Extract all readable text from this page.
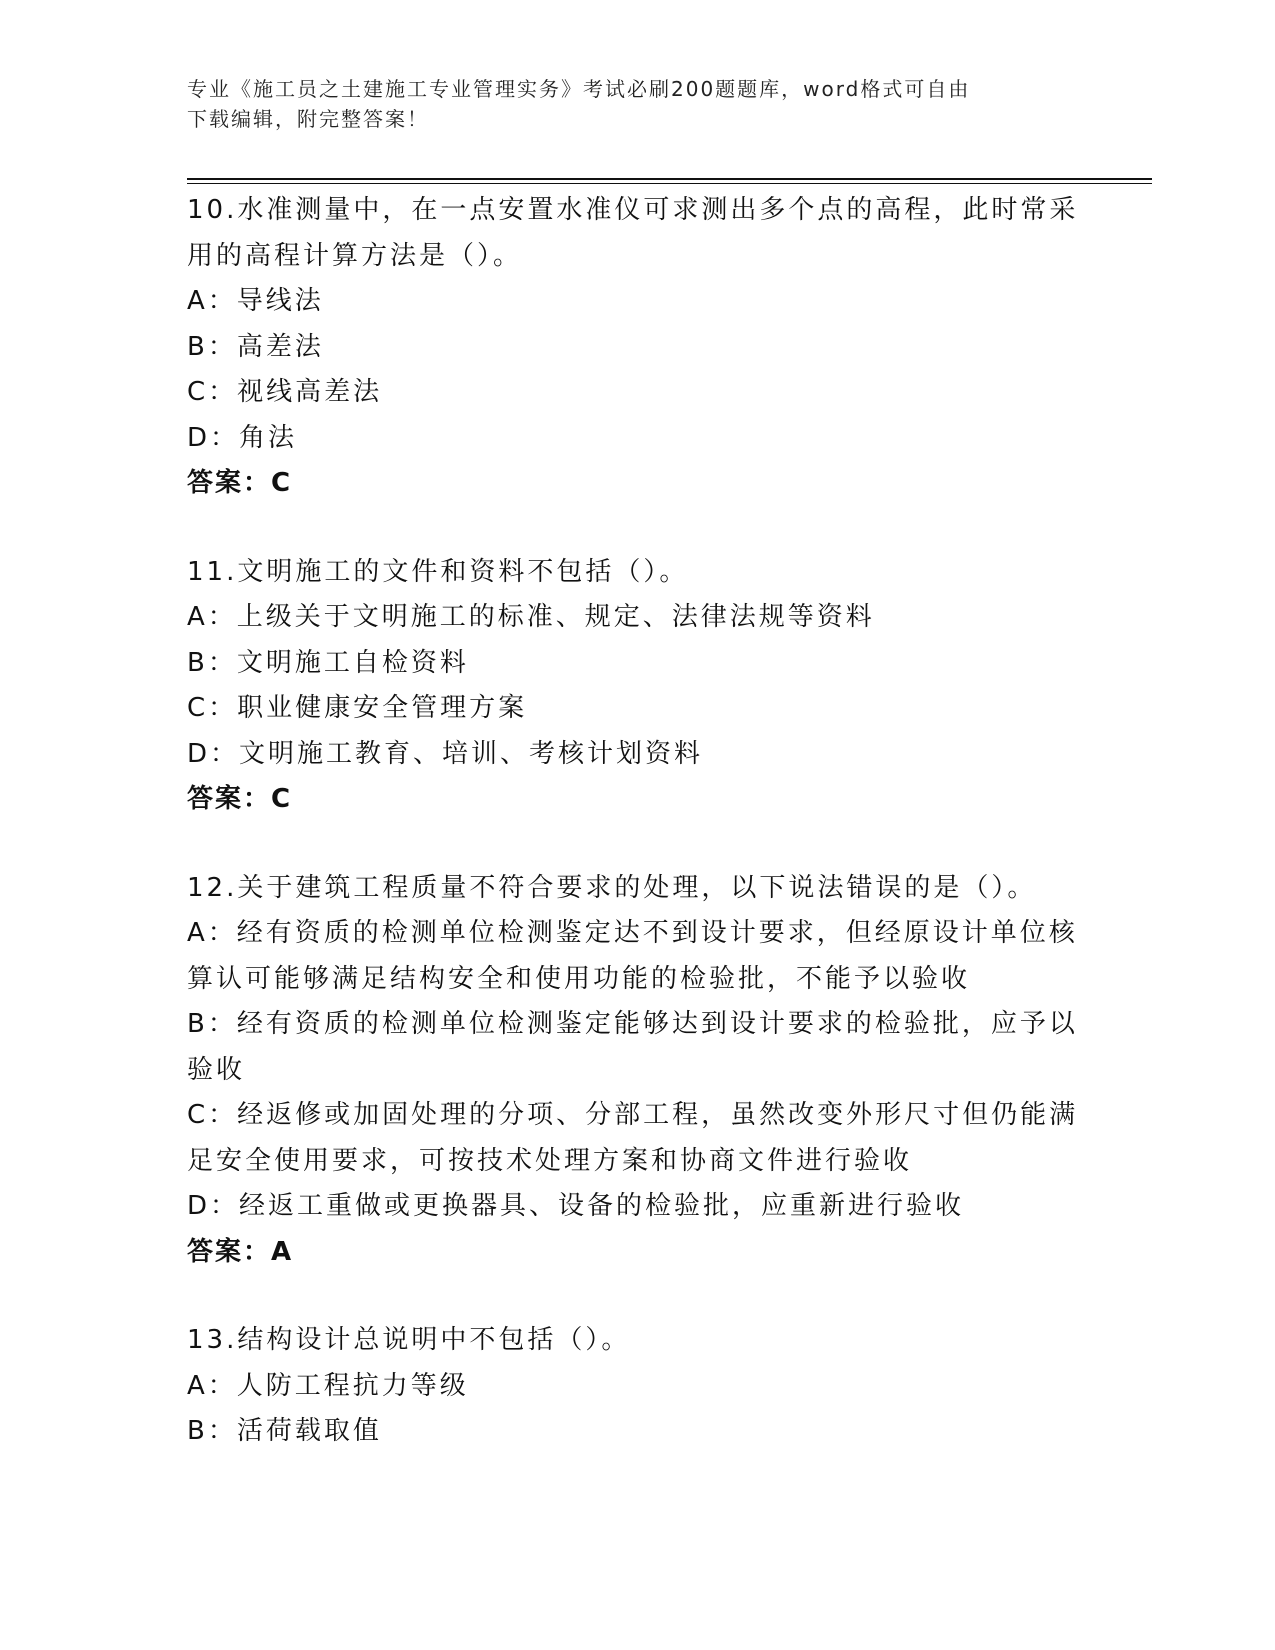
专业《施工员之土建施工专业管理实务》考试必刷200题题库，word格式可自由
下载编辑，附完整答案！
10.水准测量中，在一点安置水准仪可求测出多个点的高程，此时常采
用的高程计算方法是（）。
A：导线法
B：高差法
C：视线高差法
D：角法
答案：C
11.文明施工的文件和资料不包括（）。
A：上级关于文明施工的标准、规定、法律法规等资料
B：文明施工自检资料
C：职业健康安全管理方案
D：文明施工教育、培训、考核计划资料
答案：C
12.关于建筑工程质量不符合要求的处理，以下说法错误的是（）。
A：经有资质的检测单位检测鉴定达不到设计要求，但经原设计单位核
算认可能够满足结构安全和使用功能的检验批，不能予以验收
B：经有资质的检测单位检测鉴定能够达到设计要求的检验批，应予以
验收
C：经返修或加固处理的分项、分部工程，虽然改变外形尺寸但仍能满
足安全使用要求，可按技术处理方案和协商文件进行验收
D：经返工重做或更换器具、设备的检验批，应重新进行验收
答案：A
13.结构设计总说明中不包括（）。
A：人防工程抗力等级
B：活荷载取值
